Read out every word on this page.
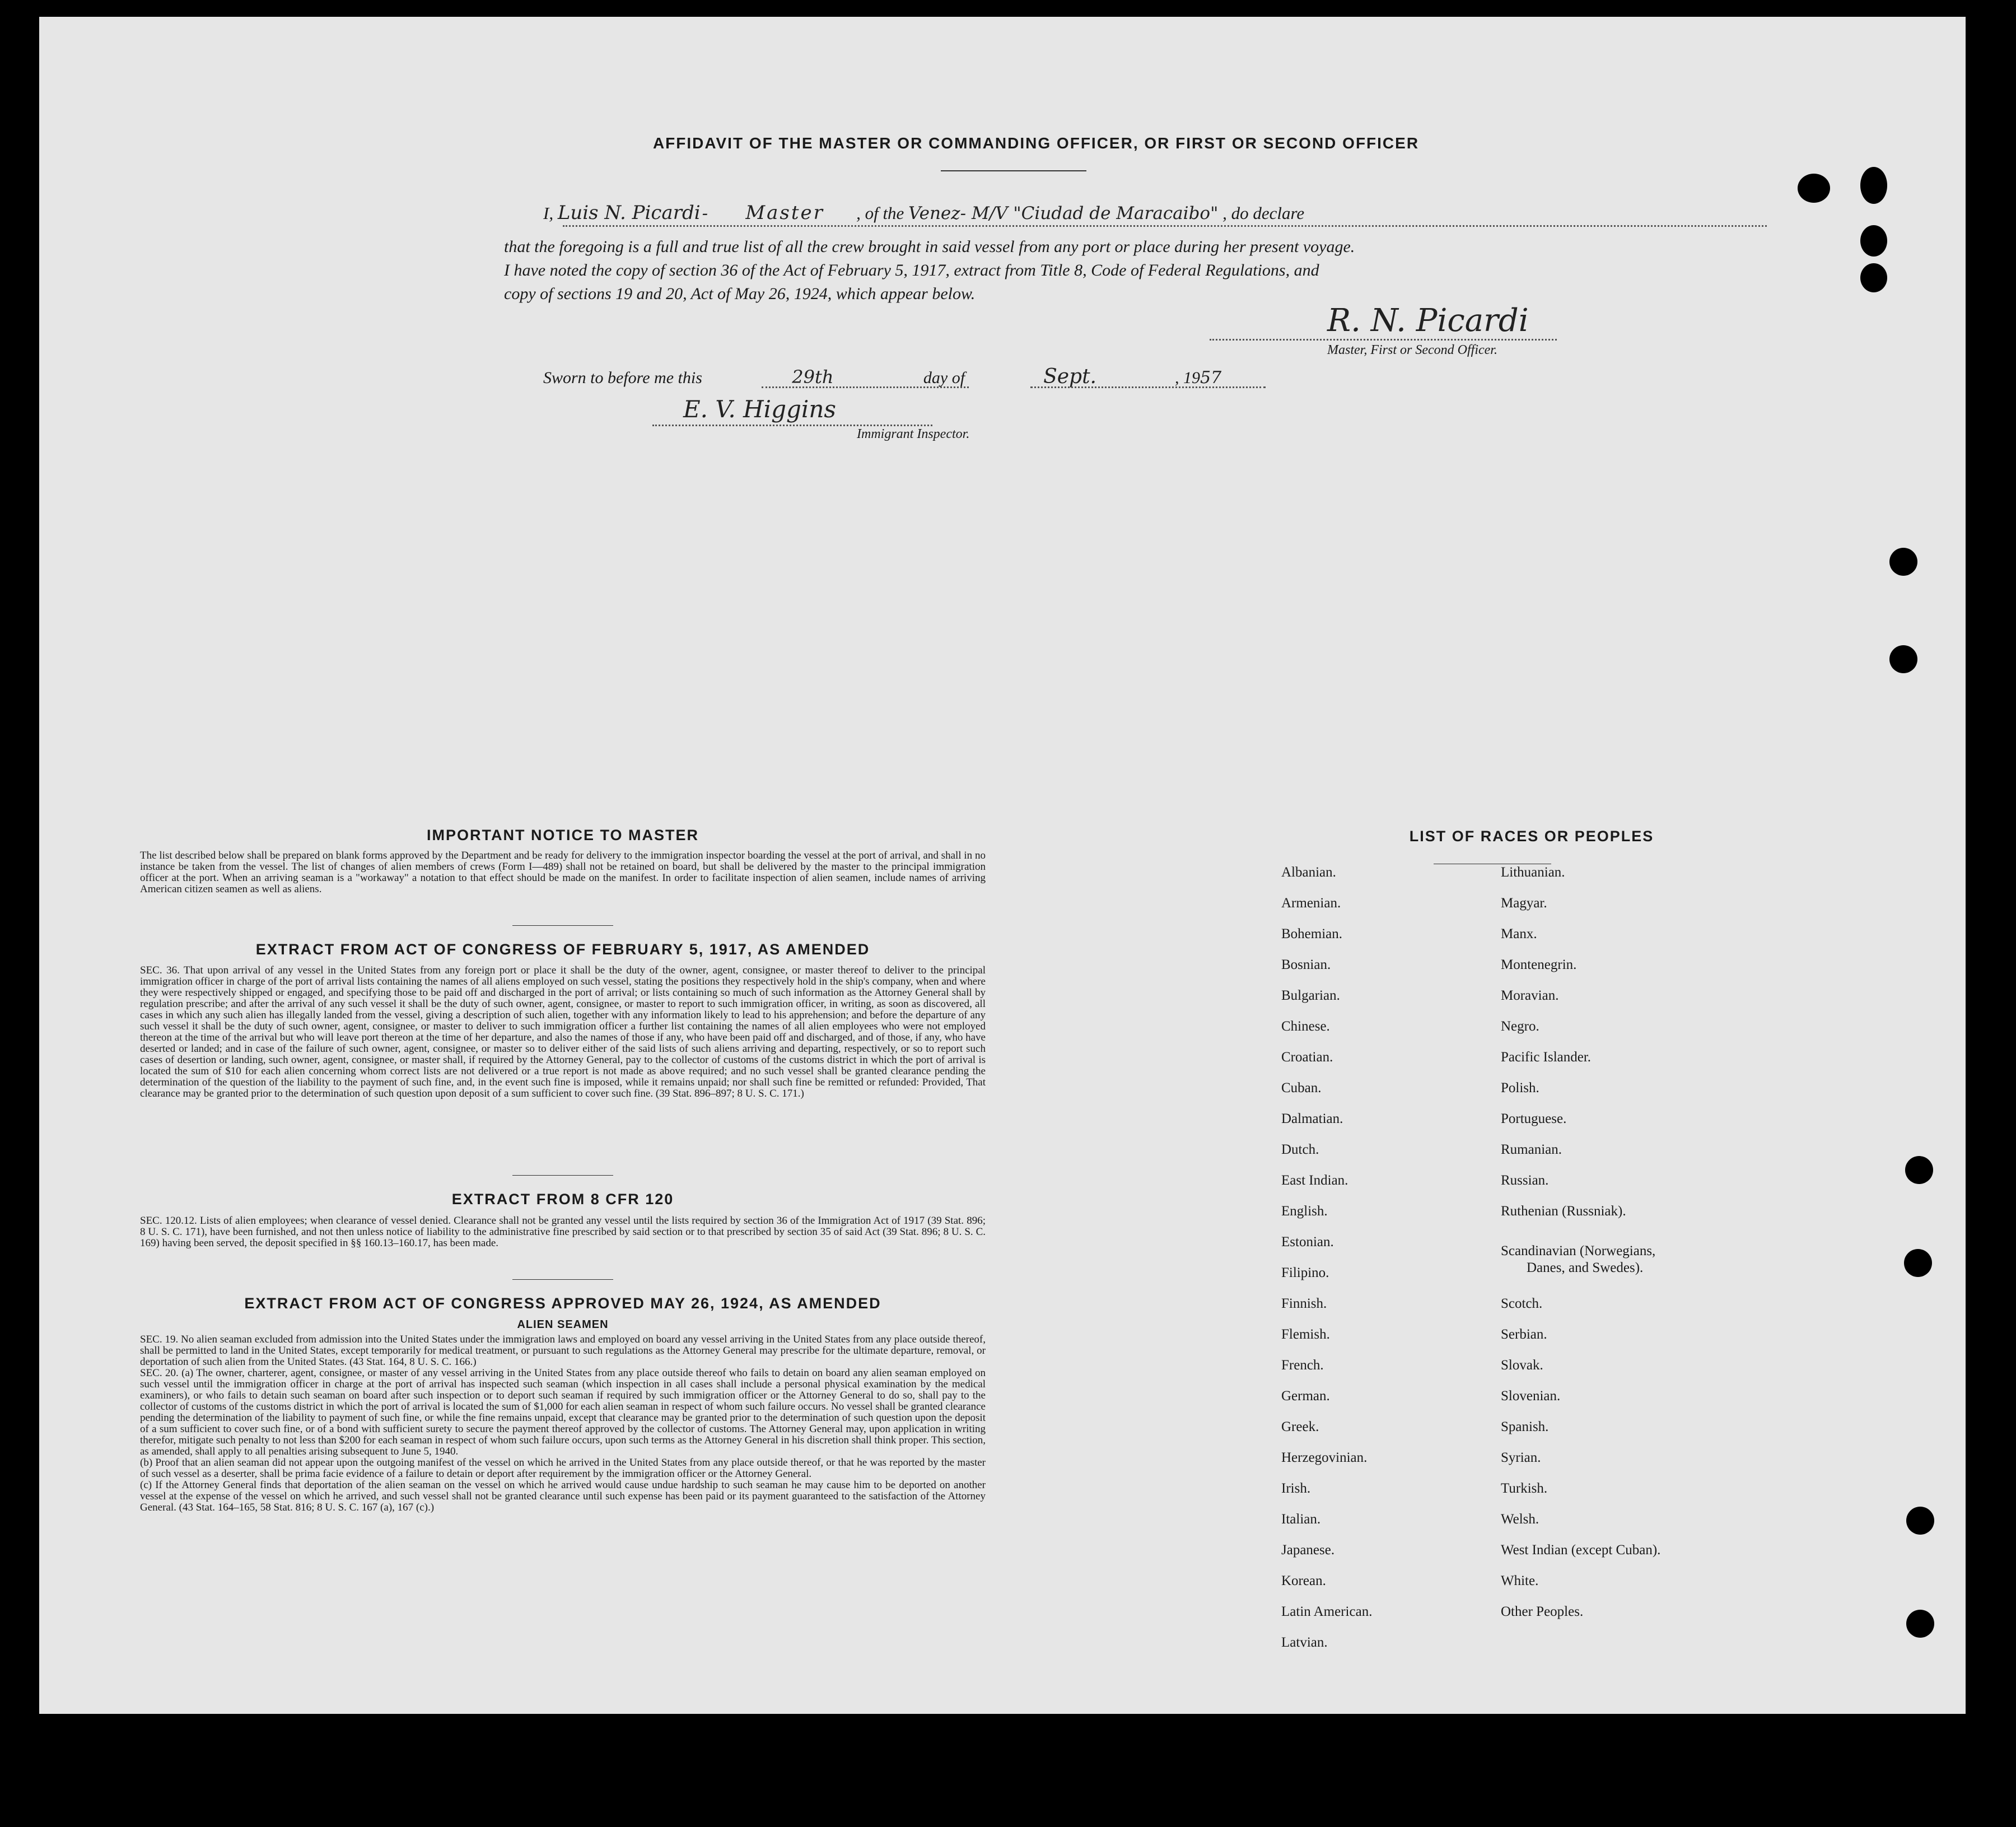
AFFIDAVIT OF THE MASTER OR COMMANDING OFFICER, OR FIRST OR SECOND OFFICER
I, Luis N. Picardi - Master , of the Venez- M/V "Ciudad de Maracaibo" , do declare
that the foregoing is a full and true list of all the crew brought in said vessel from any port or place during her present voyage.
I have noted the copy of section 36 of the Act of February 5, 1917, extract from Title 8, Code of Federal Regulations, and
copy of sections 19 and 20, Act of May 26, 1924, which appear below.
R. N. Picardi
Master, First or Second Officer.
Sworn to before me this	29th	day of	Sept.	, 1957
E. V. Higgins
Immigrant Inspector.
IMPORTANT NOTICE TO MASTER
The list described below shall be prepared on blank forms approved by the Department and be ready for delivery to the immigration inspector boarding the vessel at the port of arrival, and shall in no instance be taken from the vessel. The list of changes of alien members of crews (Form I—489) shall not be retained on board, but shall be delivered by the master to the principal immigration officer at the port. When an arriving seaman is a "workaway" a notation to that effect should be made on the manifest. In order to facilitate inspection of alien seamen, include names of arriving American citizen seamen as well as aliens.
EXTRACT FROM ACT OF CONGRESS OF FEBRUARY 5, 1917, AS AMENDED
SEC. 36. That upon arrival of any vessel in the United States from any foreign port or place it shall be the duty of the owner, agent, consignee, or master thereof to deliver to the principal immigration officer in charge of the port of arrival lists containing the names of all aliens employed on such vessel, stating the positions they respectively hold in the ship's company, when and where they were respectively shipped or engaged, and specifying those to be paid off and discharged in the port of arrival; or lists containing so much of such information as the Attorney General shall by regulation prescribe; and after the arrival of any such vessel it shall be the duty of such owner, agent, consignee, or master to report to such immigration officer, in writing, as soon as discovered, all cases in which any such alien has illegally landed from the vessel, giving a description of such alien, together with any information likely to lead to his apprehension; and before the departure of any such vessel it shall be the duty of such owner, agent, consignee, or master to deliver to such immigration officer a further list containing the names of all alien employees who were not employed thereon at the time of the arrival but who will leave port thereon at the time of her departure, and also the names of those if any, who have been paid off and discharged, and of those, if any, who have deserted or landed; and in case of the failure of such owner, agent, consignee, or master so to deliver either of the said lists of such aliens arriving and departing, respectively, or so to report such cases of desertion or landing, such owner, agent, consignee, or master shall, if required by the Attorney General, pay to the collector of customs of the customs district in which the port of arrival is located the sum of $10 for each alien concerning whom correct lists are not delivered or a true report is not made as above required; and no such vessel shall be granted clearance pending the determination of the question of the liability to the payment of such fine, and, in the event such fine is imposed, while it remains unpaid; nor shall such fine be remitted or refunded: Provided, That clearance may be granted prior to the determination of such question upon deposit of a sum sufficient to cover such fine. (39 Stat. 896–897; 8 U. S. C. 171.)
EXTRACT FROM 8 CFR 120
SEC. 120.12. Lists of alien employees; when clearance of vessel denied. Clearance shall not be granted any vessel until the lists required by section 36 of the Immigration Act of 1917 (39 Stat. 896; 8 U. S. C. 171), have been furnished, and not then unless notice of liability to the administrative fine prescribed by said section or to that prescribed by section 35 of said Act (39 Stat. 896; 8 U. S. C. 169) having been served, the deposit specified in §§ 160.13–160.17, has been made.
EXTRACT FROM ACT OF CONGRESS APPROVED MAY 26, 1924, AS AMENDED
ALIEN SEAMEN
SEC. 19. No alien seaman excluded from admission into the United States under the immigration laws and employed on board any vessel arriving in the United States from any place outside thereof, shall be permitted to land in the United States, except temporarily for medical treatment, or pursuant to such regulations as the Attorney General may prescribe for the ultimate departure, removal, or deportation of such alien from the United States. (43 Stat. 164, 8 U. S. C. 166.)
SEC. 20. (a) The owner, charterer, agent, consignee, or master of any vessel arriving in the United States from any place outside thereof who fails to detain on board any alien seaman employed on such vessel until the immigration officer in charge at the port of arrival has inspected such seaman (which inspection in all cases shall include a personal physical examination by the medical examiners), or who fails to detain such seaman on board after such inspection or to deport such seaman if required by such immigration officer or the Attorney General to do so, shall pay to the collector of customs of the customs district in which the port of arrival is located the sum of $1,000 for each alien seaman in respect of whom such failure occurs. No vessel shall be granted clearance pending the determination of the liability to payment of such fine, or while the fine remains unpaid, except that clearance may be granted prior to the determination of such question upon the deposit of a sum sufficient to cover such fine, or of a bond with sufficient surety to secure the payment thereof approved by the collector of customs. The Attorney General may, upon application in writing therefor, mitigate such penalty to not less than $200 for each seaman in respect of whom such failure occurs, upon such terms as the Attorney General in his discretion shall think proper. This section, as amended, shall apply to all penalties arising subsequent to June 5, 1940.
(b) Proof that an alien seaman did not appear upon the outgoing manifest of the vessel on which he arrived in the United States from any place outside thereof, or that he was reported by the master of such vessel as a deserter, shall be prima facie evidence of a failure to detain or deport after requirement by the immigration officer or the Attorney General.
(c) If the Attorney General finds that deportation of the alien seaman on the vessel on which he arrived would cause undue hardship to such seaman he may cause him to be deported on another vessel at the expense of the vessel on which he arrived, and such vessel shall not be granted clearance until such expense has been paid or its payment guaranteed to the satisfaction of the Attorney General. (43 Stat. 164–165, 58 Stat. 816; 8 U. S. C. 167 (a), 167 (c).)
LIST OF RACES OR PEOPLES
Albanian.
Armenian.
Bohemian.
Bosnian.
Bulgarian.
Chinese.
Croatian.
Cuban.
Dalmatian.
Dutch.
East Indian.
English.
Estonian.
Filipino.
Finnish.
Flemish.
French.
German.
Greek.
Herzegovinian.
Irish.
Italian.
Japanese.
Korean.
Latin American.
Latvian.
Lithuanian.
Magyar.
Manx.
Montenegrin.
Moravian.
Negro.
Pacific Islander.
Polish.
Portuguese.
Rumanian.
Russian.
Ruthenian (Russniak).
Scandinavian (Norwegians,
Danes, and Swedes).
Scotch.
Serbian.
Slovak.
Slovenian.
Spanish.
Syrian.
Turkish.
Welsh.
West Indian (except Cuban).
White.
Other Peoples.
